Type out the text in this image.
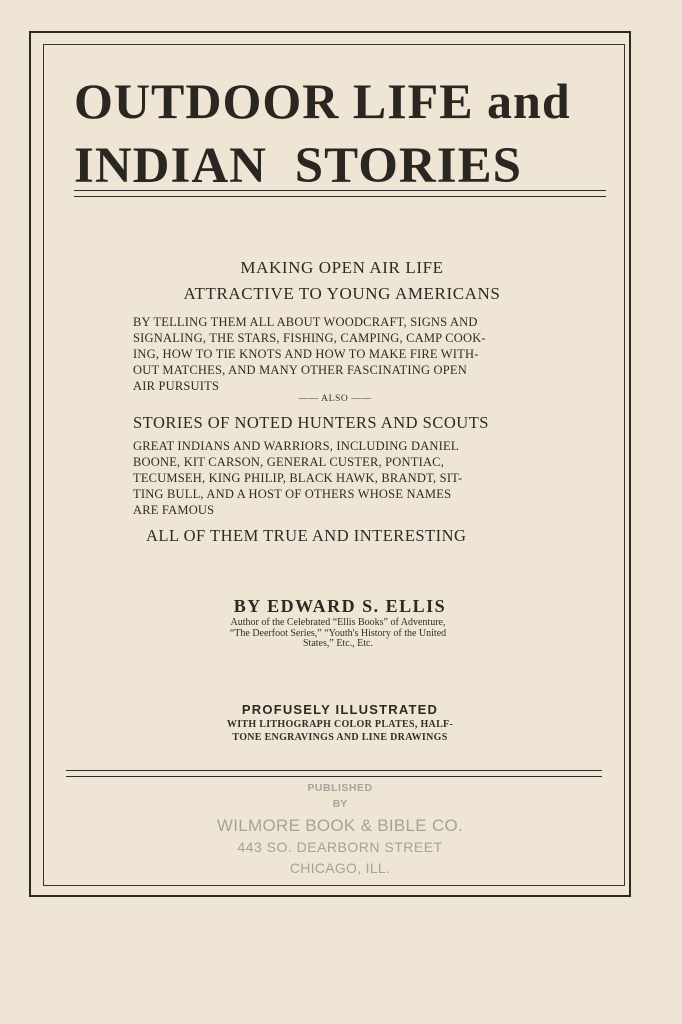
OUTDOOR LIFE and
INDIAN STORIES
MAKING OPEN AIR LIFE
ATTRACTIVE TO YOUNG AMERICANS
BY TELLING THEM ALL ABOUT WOODCRAFT, SIGNS AND
SIGNALING, THE STARS, FISHING, CAMPING, CAMP COOK-
ING, HOW TO TIE KNOTS AND HOW TO MAKE FIRE WITH-
OUT MATCHES, AND MANY OTHER FASCINATING OPEN
AIR PURSUITS
—— ALSO ——
STORIES OF NOTED HUNTERS AND SCOUTS
GREAT INDIANS AND WARRIORS, INCLUDING DANIEL
BOONE, KIT CARSON, GENERAL CUSTER, PONTIAC,
TECUMSEH, KING PHILIP, BLACK HAWK, BRANDT, SIT-
TING BULL, AND A HOST OF OTHERS WHOSE NAMES
ARE FAMOUS
ALL OF THEM TRUE AND INTERESTING
BY EDWARD S. ELLIS
Author of the Celebrated “Ellis Books” of Adventure,
“The Deerfoot Series,” “Youth's History of the United
States,” Etc., Etc.
PROFUSELY ILLUSTRATED
WITH LITHOGRAPH COLOR PLATES, HALF-
TONE ENGRAVINGS AND LINE DRAWINGS
PUBLISHED
BY
WILMORE BOOK & BIBLE CO.
443 SO. DEARBORN STREET
CHICAGO, ILL.
